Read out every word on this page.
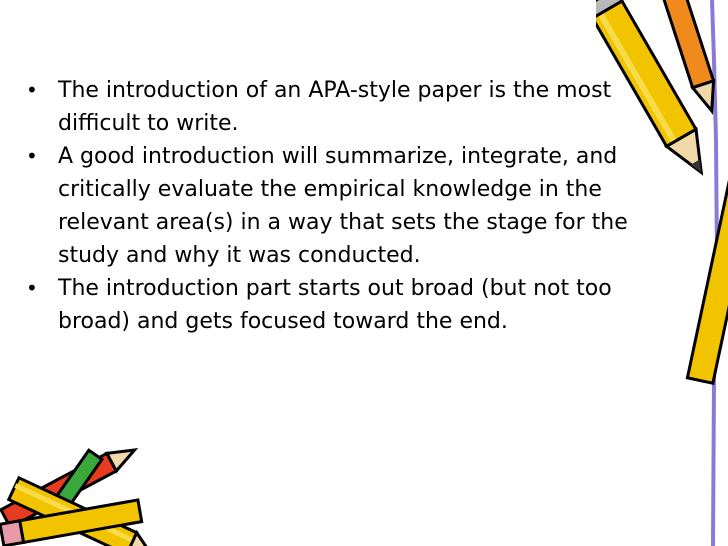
• The introduction of an APA-style paper is the most difficult to write.
• A good introduction will summarize, integrate, and critically evaluate the empirical knowledge in the relevant area(s) in a way that sets the stage for the study and why it was conducted.
• The introduction part starts out broad (but not too broad) and gets focused toward the end.
